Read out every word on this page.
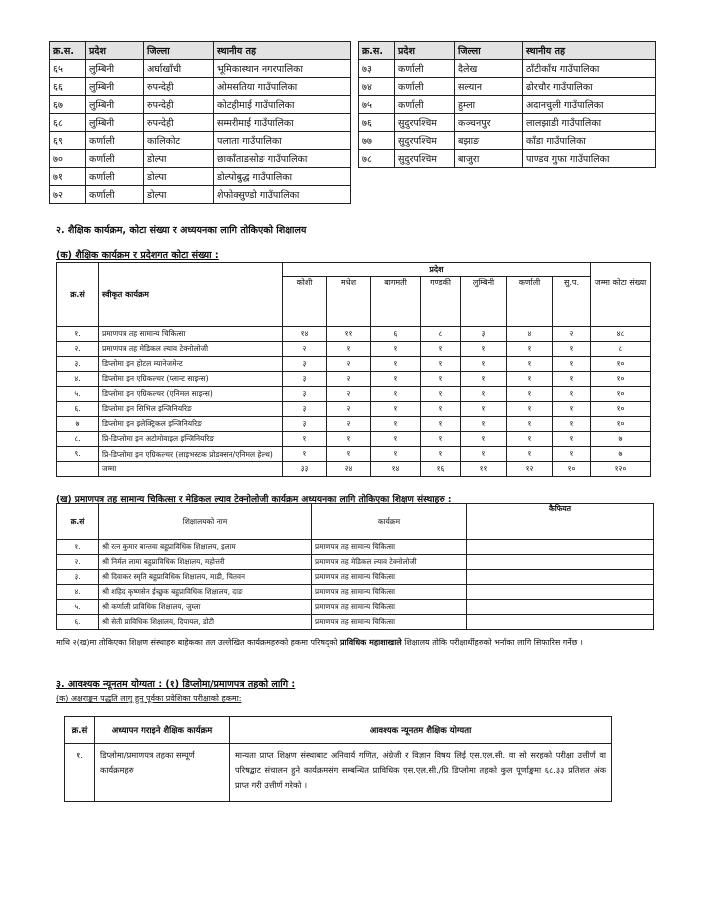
क्र.स.	प्रदेश	जिल्ला	स्थानीय तह
६५	लुम्बिनी	अर्घाखाँची	भूमिकास्थान नगरपालिका
६६	लुम्बिनी	रुपन्देही	ओमसतिया गाउँपालिका
६७	लुम्बिनी	रुपन्देही	कोटहीमाई गाउँपालिका
६८	लुम्बिनी	रुपन्देही	सम्मरीमाई गाउँपालिका
६९	कर्णाली	कालिकोट	पलाता गाउँपालिका
७०	कर्णाली	डोल्पा	छाकाँताङसोङ गाउँपालिका
७१	कर्णाली	डोल्पा	डोल्पोबुद्ध गाउँपालिका
७२	कर्णाली	डोल्पा	शेफोक्सुण्डो गाउँपालिका
क्र.स.	प्रदेश	जिल्ला	स्थानीय तह
७३	कर्णाली	दैलेख	ठाँटीकाँध गाउँपालिका
७४	कर्णाली	सल्यान	ढोरचौर गाउँपालिका
७५	कर्णाली	हुम्ला	अदानचुली गाउँपालिका
७६	सुदुरपश्चिम	कञ्चनपुर	लालझाडी गाउँपालिका
७७	सुदुरपश्चिम	बझाङ	काँडा गाउँपालिका
७८	सुदुरपश्चिम	बाजुरा	पाण्डव गुफा गाउँपालिका
२. शैक्षिक कार्यक्रम, कोटा संख्या र अध्ययनका लागि तोकिएको शिक्षालय
(क) शैक्षिक कार्यक्रम र प्रदेशगत कोटा संख्या :
क्र.सं	स्वीकृत कार्यक्रम	प्रदेश							
		कोशी	मधेश	बागमती	गण्डकी	लुम्बिनी	कर्णाली	सु.प.	जम्मा कोटा संख्या
१.	प्रमाणपत्र तह सामान्य चिकित्सा	१४	११	६	८	३	४	२	४८
२.	प्रमाणपत्र तह मेडिकल ल्याव टेक्नोलोजी	२	१	१	१	१	१	१	८
३.	डिप्लोमा इन होटल म्यानेजमेन्ट	३	२	१	१	१	१	१	१०
४.	डिप्लोमा इन एग्रिकल्चर (प्लान्ट साइन्स)	३	२	१	१	१	१	१	१०
५.	डिप्लोमा इन एग्रिकल्चर (एनिमल साइन्स)	३	२	१	१	१	१	१	१०
६.	डिप्लोमा इन सिभिल इन्जिनियरिङ	३	२	१	१	१	१	१	१०
७	डिप्लोमा इन इलेक्ट्रिकल इन्जिनियरिङ	३	२	१	१	१	१	१	१०
८.	प्रि-डिप्लोमा इन अटोमोवाइल इन्जिनियरिङ	१	१	१	१	१	१	१	७
९.	प्रि-डिप्लोमा इन एग्रिकल्चर (लाइभस्टक प्रोडक्सन/एनिमल हेल्थ)	१	१	१	१	१	१	१	७
	जम्मा	३३	२४	१४	१६	११	१२	१०	१२०
(ख) प्रमाणपत्र तह सामान्य चिकित्सा र मेडिकल ल्याव टेक्नोलोजी कार्यक्रम अध्ययनका लागि तोकिएका शिक्षण संस्थाहरु :
क्र.सं	शिक्षालयको नाम	कार्यक्रम	कैफियत
१.	श्री रत्न कुमार बान्तवा बहुप्राविधिक शिक्षालय, इलाम	प्रमाणपत्र तह सामान्य चिकित्सा	
२.	श्री निर्मल लामा बहुप्राविधिक शिक्षालय, महोत्तरी	प्रमाणपत्र तह मेडिकल ल्याव टेक्नोलोजी	
३.	श्री दिवाकर स्मृति बहुप्राविधिक शिक्षालय, माडी, चितवन	प्रमाणपत्र तह सामान्य चिकित्सा	
४.	श्री शहिद कृष्णसेन ईच्छुक बहुप्राविधिक शिक्षालय, दाङ	प्रमाणपत्र तह सामान्य चिकित्सा	
५.	श्री कर्णाली प्राविधिक शिक्षालय, जुम्ला	प्रमाणपत्र तह सामान्य चिकित्सा	
६.	श्री सेती प्राविधिक शिक्षालय, दिपायल, डोटी	प्रमाणपत्र तह सामान्य चिकित्सा	
माथि २(ख)मा तोकिएका शिक्षण संस्थाहरु बाहेकका तल उल्लेखित कार्यक्रमहरुको हकमा परिषद्को प्राविधिक महाशाखाले शिक्षालय तोकि परीक्षार्थीहरुको भर्नाका लागि सिफारिस गर्नेछ ।
३. आवश्यक न्यूनतम योग्यता : (१) डिप्लोमा/प्रमाणपत्र तहको लागि :
(क) अक्षराङ्कन पद्धति लागु हुनु पूर्वका प्रवेशिका परीक्षाको हकमा:
क्र.सं	अध्यापन गराइने शैक्षिक कार्यक्रम	आवश्यक न्यूनतम शैक्षिक योग्यता
१.	डिप्लोमा/प्रमाणपत्र तहका सम्पूर्ण कार्यक्रमहरु	मान्यता प्राप्त शिक्षण संस्थाबाट अनिवार्य गणित, अंग्रेजी र विज्ञान विषय लिई एस.एल.सी. वा सो सरहको परीक्षा उत्तीर्ण वा परिषद्बाट संचालन हुने कार्यक्रमसंग सम्बन्धित प्राविधिक एस.एल.सी./प्रि डिप्लोमा तहको कुल पूर्णाङ्कमा ६८.३३ प्रतिशत अंक प्राप्त गरी उत्तीर्ण गरेको ।
